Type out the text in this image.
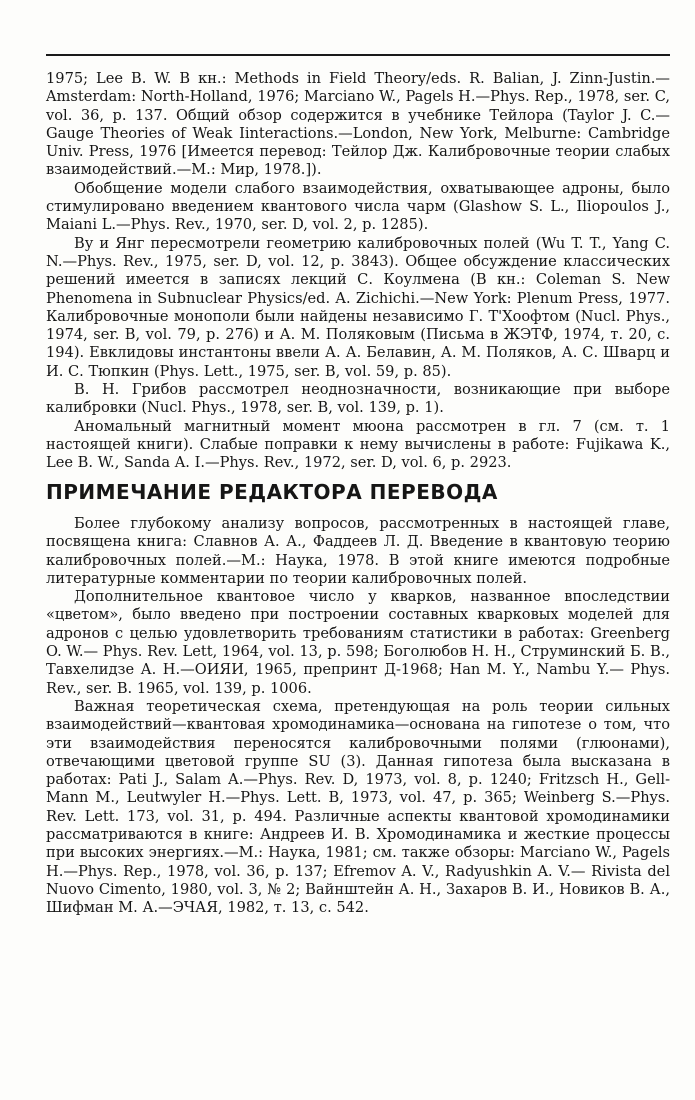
1975; Lee B. W. В кн.: Methods in Field Theory/eds. R. Balian, J. Zinn-Justin.— Amsterdam: North-Holland, 1976; Marciano W., Pagels H.—Phys. Rep., 1978, ser. C, vol. 36, p. 137. Общий обзор содержится в учебнике Тейлора (Taylor J. C.— Gauge Theories of Weak Iinteractions.—London, New York, Melburne: Cambridge Univ. Press, 1976 [Имеется перевод: Тейлор Дж. Калибровочные теории слабых взаимодействий.—М.: Мир, 1978.]).

Обобщение модели слабого взаимодействия, охватывающее адроны, было стимулировано введением квантового числа чарм (Glashow S. L., Iliopoulos J., Maiani L.—Phys. Rev., 1970, ser. D, vol. 2, p. 1285).

Ву и Янг пересмотрели геометрию калибровочных полей (Wu T. T., Yang C. N.—Phys. Rev., 1975, ser. D, vol. 12, p. 3843). Общее обсуждение классических решений имеется в записях лекций С. Коулмена (В кн.: Coleman S. New Phenomena in Subnuclear Physics/ed. A. Zichichi.—New York: Plenum Press, 1977. Калибровочные монополи были найдены независимо Г. Т'Хоофтом (Nucl. Phys., 1974, ser. B, vol. 79, p. 276) и А. М. Поляковым (Письма в ЖЭТФ, 1974, т. 20, с. 194). Евклидовы инстантоны ввели А. А. Белавин, А. М. Поляков, А. С. Шварц и И. С. Тюпкин (Phys. Lett., 1975, ser. B, vol. 59, p. 85).

В. Н. Грибов рассмотрел неоднозначности, возникающие при выборе калибровки (Nucl. Phys., 1978, ser. B, vol. 139, p. 1).

Аномальный магнитный момент мюона рассмотрен в гл. 7 (см. т. 1 настоящей книги). Слабые поправки к нему вычислены в работе: Fujikawa K., Lee B. W., Sanda A. I.—Phys. Rev., 1972, ser. D, vol. 6, p. 2923.

ПРИМЕЧАНИЕ РЕДАКТОРА ПЕРЕВОДА

Более глубокому анализу вопросов, рассмотренных в настоящей главе, посвящена книга: Славнов А. А., Фаддеев Л. Д. Введение в квантовую теорию калибровочных полей.—М.: Наука, 1978. В этой книге имеются подробные литературные комментарии по теории калибровочных полей.

Дополнительное квантовое число у кварков, названное впоследствии «цветом», было введено при построении составных кварковых моделей для адронов с целью удовлетворить требованиям статистики в работах: Greenberg O. W.— Phys. Rev. Lett, 1964, vol. 13, p. 598; Боголюбов Н. Н., Струминский Б. В., Тавхелидзе А. Н.—ОИЯИ, 1965, препринт Д-1968; Han M. Y., Nambu Y.— Phys. Rev., ser. B. 1965, vol. 139, p. 1006.

Важная теоретическая схема, претендующая на роль теории сильных взаимодействий—квантовая хромодинамика—основана на гипотезе о том, что эти взаимодействия переносятся калибровочными полями (глюонами), отвечающими цветовой группе SU (3). Данная гипотеза была высказана в работах: Pati J., Salam A.—Phys. Rev. D, 1973, vol. 8, p. 1240; Fritzsch H., Gell-Mann M., Leutwyler H.—Phys. Lett. B, 1973, vol. 47, p. 365; Weinberg S.—Phys. Rev. Lett. 173, vol. 31, p. 494. Различные аспекты квантовой хромодинамики рассматриваются в книге: Андреев И. В. Хромодинамика и жесткие процессы при высоких энергиях.—М.: Наука, 1981; см. также обзоры: Marciano W., Pagels H.—Phys. Rep., 1978, vol. 36, p. 137; Efremov A. V., Radyushkin A. V.— Rivista del Nuovo Cimento, 1980, vol. 3, № 2; Вайнштейн А. Н., Захаров В. И., Новиков В. А., Шифман М. А.—ЭЧАЯ, 1982, т. 13, с. 542.
